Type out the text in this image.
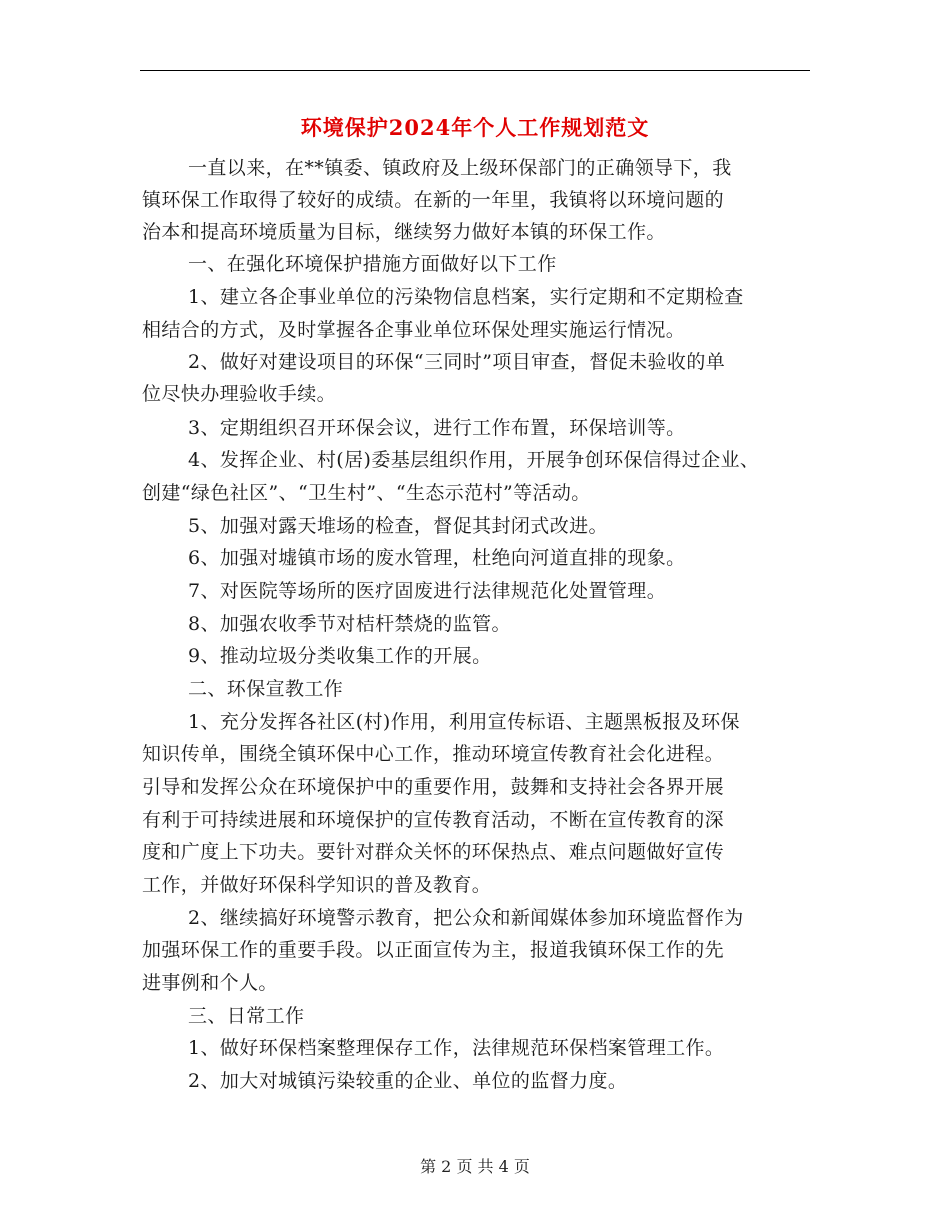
环境保护2024年个人工作规划范文
一直以来，在**镇委、镇政府及上级环保部门的正确领导下，我
镇环保工作取得了较好的成绩。在新的一年里，我镇将以环境问题的
治本和提高环境质量为目标，继续努力做好本镇的环保工作。
一、在强化环境保护措施方面做好以下工作
1、建立各企事业单位的污染物信息档案，实行定期和不定期检查
相结合的方式，及时掌握各企事业单位环保处理实施运行情况。
2、做好对建设项目的环保“三同时”项目审查，督促未验收的单
位尽快办理验收手续。
3、定期组织召开环保会议，进行工作布置，环保培训等。
4、发挥企业、村(居)委基层组织作用，开展争创环保信得过企业、
创建“绿色社区”、“卫生村”、“生态示范村”等活动。
5、加强对露天堆场的检查，督促其封闭式改进。
6、加强对墟镇市场的废水管理，杜绝向河道直排的现象。
7、对医院等场所的医疗固废进行法律规范化处置管理。
8、加强农收季节对桔杆禁烧的监管。
9、推动垃圾分类收集工作的开展。
二、环保宣教工作
1、充分发挥各社区(村)作用，利用宣传标语、主题黑板报及环保
知识传单，围绕全镇环保中心工作，推动环境宣传教育社会化进程。
引导和发挥公众在环境保护中的重要作用，鼓舞和支持社会各界开展
有利于可持续进展和环境保护的宣传教育活动，不断在宣传教育的深
度和广度上下功夫。要针对群众关怀的环保热点、难点问题做好宣传
工作，并做好环保科学知识的普及教育。
2、继续搞好环境警示教育，把公众和新闻媒体参加环境监督作为
加强环保工作的重要手段。以正面宣传为主，报道我镇环保工作的先
进事例和个人。
三、日常工作
1、做好环保档案整理保存工作，法律规范环保档案管理工作。
2、加大对城镇污染较重的企业、单位的监督力度。
第 2 页 共 4 页
